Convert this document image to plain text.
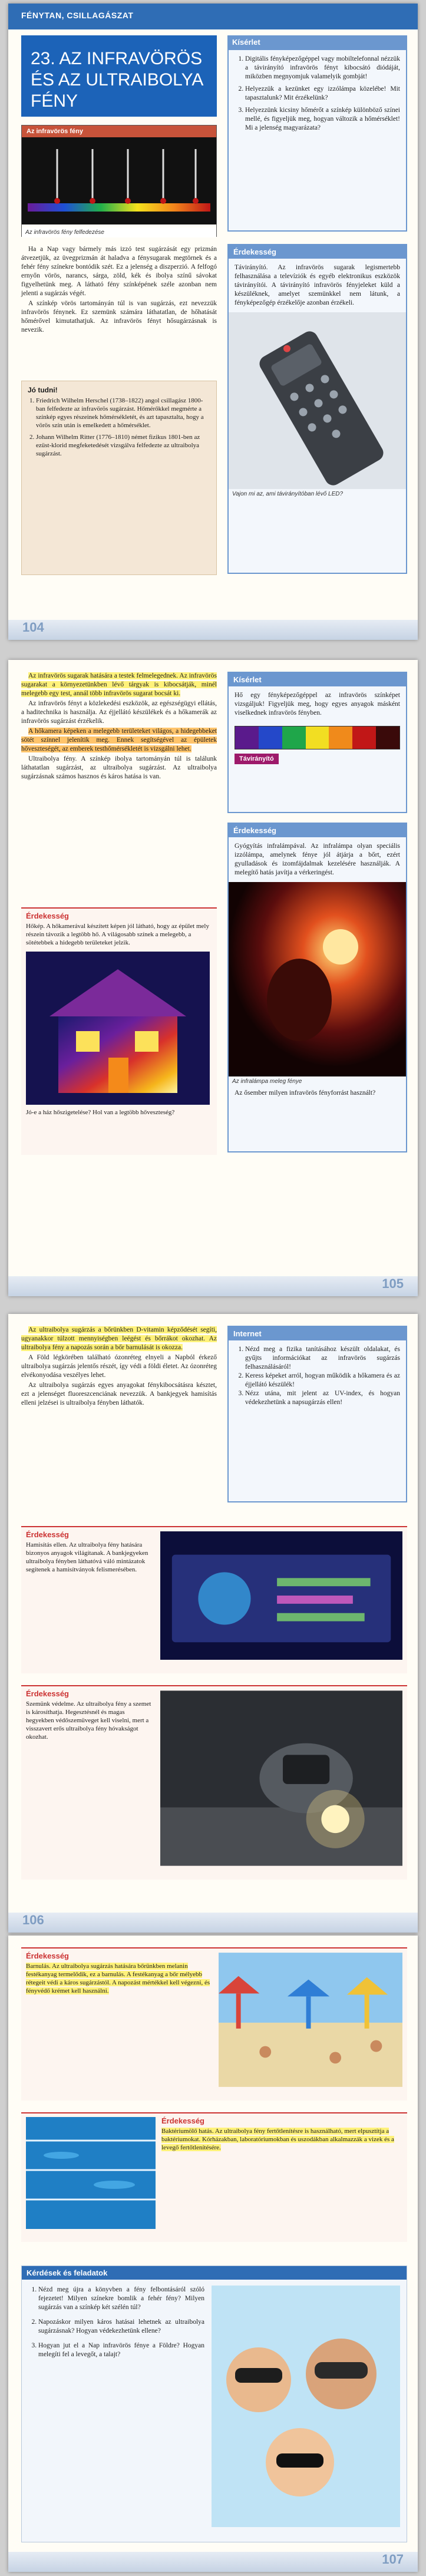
FÉNYTAN, CSILLAGÁSZAT
23. AZ INFRAVÖRÖS ÉS AZ ULTRAIBOLYA FÉNY
Az infravörös fény
Az infravörös fény felfedezése

Ha a Nap vagy bármely más izzó test sugárzását egy prizmán átvezetjük, az üvegprizmán át haladva a fénysugarak megtörnek és a fehér fény színekre bontódik szét. Ez a jelenség a diszperzió. A felfogó ernyőn vörös, narancs, sárga, zöld, kék és ibolya színű sávokat figyelhetünk meg. A látható fény színképének széle azonban nem jelenti a sugárzás végét.

A színkép vörös tartományán túl is van sugárzás, ezt nevezzük infravörös fénynek. Ez szemünk számára láthatatlan, de hőhatását hőmérővel kimutathatjuk. Az infravörös fényt hősugárzásnak is nevezik.

Jó tudni!
1. Friedrich Wilhelm Herschel (1738–1822) angol csillagász 1800-ban felfedezte az infravörös sugárzást. Hőmérőkkel megmérte a színkép egyes részeinek hőmérsékletét, és azt tapasztalta, hogy a vörös szín után is emelkedett a hőmérséklet.
2. Johann Wilhelm Ritter (1776–1810) német fizikus 1801-ben az ezüst-klorid megfeketedését vizsgálva felfedezte az ultraibolya sugárzást.
Kísérlet
1. Digitális fényképezőgéppel vagy mobiltelefonnal nézzük a távirányító infravörös fényt kibocsátó diódáját, miközben megnyomjuk valamelyik gombját!
2. Helyezzük a kezünket egy izzólámpa közelébe! Mit tapasztalunk? Mit érzékelünk?
3. Helyezzünk kicsiny hőmérőt a színkép különböző színei mellé, és figyeljük meg, hogyan változik a hőmérséklet! Mi a jelenség magyarázata?
Érdekesség
Távirányító. Az infravörös sugarak legismertebb felhasználása a televíziók és egyéb elektronikus eszközök távirányítói. A távirányító infravörös fényjeleket küld a készüléknek, amelyet szemünkkel nem látunk, a fényképezőgép érzékelője azonban érzékeli.
Vajon mi az, ami távirányítóban lévő LED?
104

Az infravörös sugarak hatására a testek felmelegednek. Az infravörös sugarakat a környezetünkben lévő tárgyak is kibocsátják, minél melegebb egy test, annál több infravörös sugarat bocsát ki.

Az infravörös fényt a közlekedési eszközök, az egészségügyi ellátás, a haditechnika is használja. Az éjjellátó készülékek és a hőkamerák az infravörös sugárzást érzékelik.

A hőkamera képeken a melegebb területeket világos, a hidegebbeket sötét színnel jelenítik meg. Ennek segítségével az épületek hőveszteségét, az emberek testhőmérsékletét is vizsgálni lehet.

Ultraibolya fény. A színkép ibolya tartományán túl is találunk láthatatlan sugárzást, az ultraibolya sugárzást. Az ultraibolya sugárzásnak számos hasznos és káros hatása is van.

Érdekesség
Hőkép. A hőkamerával készített képen jól látható, hogy az épület mely részein távozik a legtöbb hő. A világosabb színek a melegebb, a sötétebbek a hidegebb területeket jelzik.
Jó-e a ház hőszigetelése? Hol van a legtöbb hőveszteség?
Kísérlet
Hő egy fényképezőgéppel az infravörös színképet vizsgáljuk! Figyeljük meg, hogy egyes anyagok másként viselkednek infravörös fényben.
Távirányító
Érdekesség
Gyógyítás infralámpával. Az infralámpa olyan speciális izzólámpa, amelynek fénye jól átjárja a bőrt, ezért gyulladások és izomfájdalmak kezelésére használják. A melegítő hatás javítja a vérkeringést.
Az infralámpa meleg fénye
Az ősember milyen infravörös fényforrást használt?
105

Az ultraibolya sugárzás a bőrünkben D-vitamin képződését segíti, ugyanakkor túlzott mennyiségben leégést és bőrrákot okozhat. Az ultraibolya fény a napozás során a bőr barnulását is okozza.

A Föld légkörében található ózonréteg elnyeli a Napból érkező ultraibolya sugárzás jelentős részét, így védi a földi életet. Az ózonréteg elvékonyodása veszélyes lehet.

Az ultraibolya sugárzás egyes anyagokat fénykibocsátásra késztet, ezt a jelenséget fluoreszcenciának nevezzük. A bankjegyek hamisítás elleni jelzései is ultraibolya fényben láthatók.

Internet
1. Nézd meg a fizika tanításához készült oldalakat, és gyűjts információkat az infravörös sugárzás felhasználásáról!
2. Keress képeket arról, hogyan működik a hőkamera és az éjjellátó készülék!
3. Nézz utána, mit jelent az UV-index, és hogyan védekezhetünk a napsugárzás ellen!
Érdekesség
Hamisítás ellen. Az ultraibolya fény hatására bizonyos anyagok világítanak. A bankjegyeken ultraibolya fényben láthatóvá váló mintázatok segítenek a hamisítványok felismerésében.
Érdekesség
Szemünk védelme. Az ultraibolya fény a szemet is károsíthatja. Hegesztésnél és magas hegyekben védőszemüveget kell viselni, mert a visszavert erős ultraibolya fény hóvakságot okozhat.
106
Érdekesség
Barnulás. Az ultraibolya sugárzás hatására bőrünkben melanin festékanyag termelődik, ez a barnulás. A festékanyag a bőr mélyebb rétegeit védi a káros sugárzástól. A napozást mértékkel kell végezni, és fényvédő krémet kell használni.
Érdekesség
Baktériumölő hatás. Az ultraibolya fény fertőtlenítésre is használható, mert elpusztítja a baktériumokat. Kórházakban, laboratóriumokban és uszodákban alkalmazzák a vizek és a levegő fertőtlenítésére.
Kérdések és feladatok
1. Nézd meg újra a könyvben a fény felbontásáról szóló fejezetet! Milyen színekre bomlik a fehér fény? Milyen sugárzás van a színkép két szélén túl?
2. Napozáskor milyen káros hatásai lehetnek az ultraibolya sugárzásnak? Hogyan védekezhetünk ellene?
3. Hogyan jut el a Nap infravörös fénye a Földre? Hogyan melegíti fel a levegőt, a talajt?
107
